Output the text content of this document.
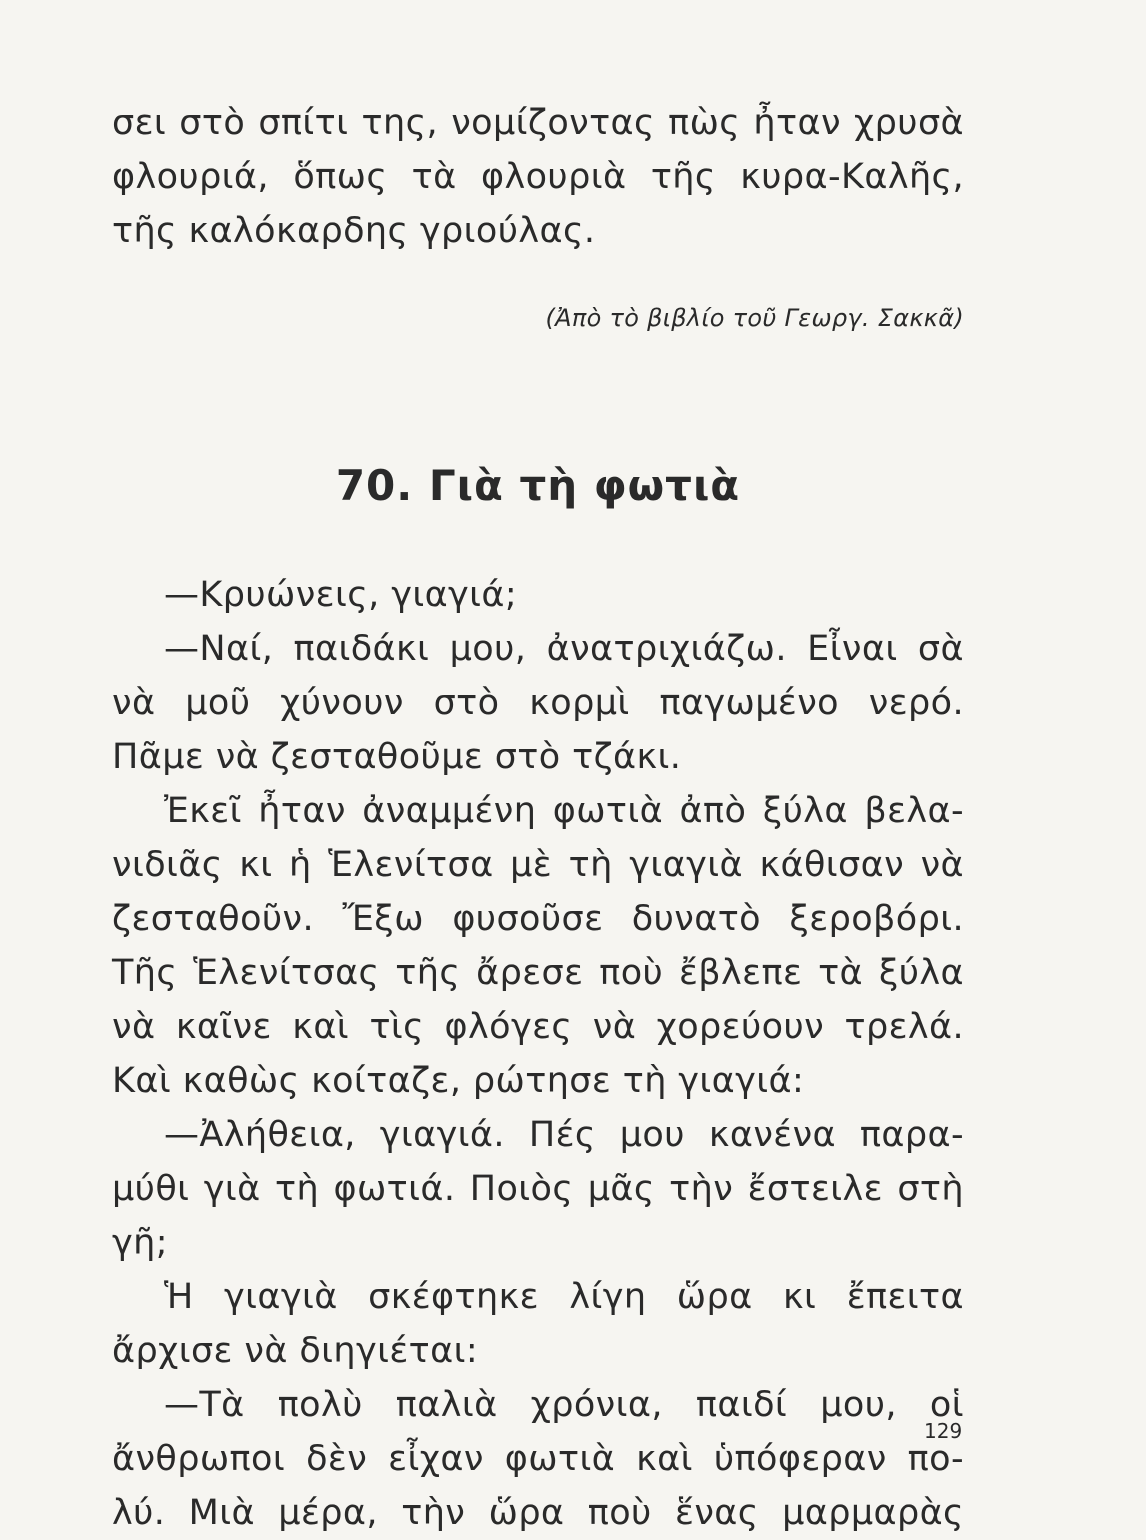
σει στὸ σπίτι της, νομίζοντας πὼς ἦταν χρυσὰ
φλουριά, ὅπως τὰ φλουριὰ τῆς κυρα-Καλῆς,
τῆς καλόκαρδης γριούλας.
(Ἀπὸ τὸ βιβλίο τοῦ Γεωργ. Σακκᾶ)
70. Γιὰ τὴ φωτιὰ
—Κρυώνεις, γιαγιά;
—Ναί, παιδάκι μου, ἀνατριχιάζω. Εἶναι σὰ
νὰ μοῦ χύνουν στὸ κορμὶ παγωμένο νερό.
Πᾶμε νὰ ζεσταθοῦμε στὸ τζάκι.
Ἐκεῖ ἦταν ἀναμμένη φωτιὰ ἀπὸ ξύλα βελα-
νιδιᾶς κι ἡ Ἑλενίτσα μὲ τὴ γιαγιὰ κάθισαν νὰ
ζεσταθοῦν. Ἔξω φυσοῦσε δυνατὸ ξεροβόρι.
Τῆς Ἑλενίτσας τῆς ἄρεσε ποὺ ἔβλεπε τὰ ξύλα
νὰ καῖνε καὶ τὶς φλόγες νὰ χορεύουν τρελά.
Καὶ καθὼς κοίταζε, ρώτησε τὴ γιαγιά:
—Ἀλήθεια, γιαγιά. Πές μου κανένα παρα-
μύθι γιὰ τὴ φωτιά. Ποιὸς μᾶς τὴν ἔστειλε στὴ
γῆ;
Ἡ γιαγιὰ σκέφτηκε λίγη ὥρα κι ἔπειτα
ἄρχισε νὰ διηγιέται:
—Τὰ πολὺ παλιὰ χρόνια, παιδί μου, οἱ
ἄνθρωποι δὲν εἶχαν φωτιὰ καὶ ὑπόφεραν πο-
λύ. Μιὰ μέρα, τὴν ὥρα ποὺ ἕνας μαρμαρὰς
129
